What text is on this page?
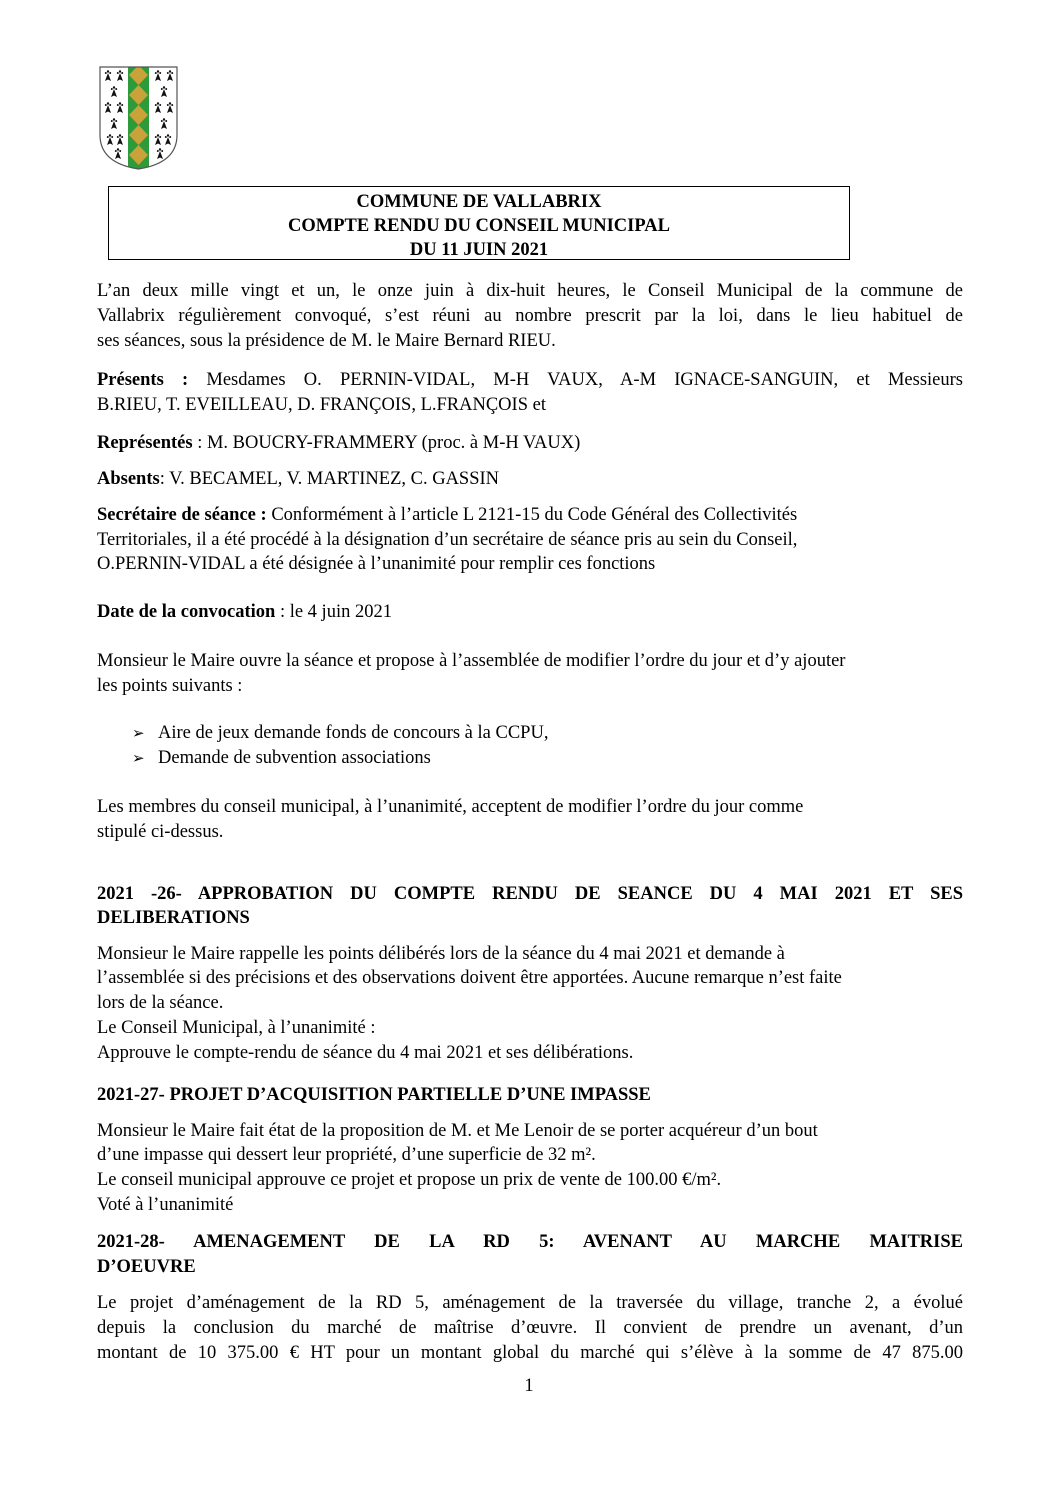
COMMUNE DE VALLABRIX
COMPTE RENDU DU CONSEIL MUNICIPAL
DU 11 JUIN 2021

L’an deux mille vingt et un, le onze juin à dix-huit heures, le Conseil Municipal de la commune de

Vallabrix régulièrement convoqué, s’est réuni au nombre prescrit par la loi, dans le lieu habituel de

ses séances, sous la présidence de M. le Maire Bernard RIEU.

Présents : Mesdames O. PERNIN-VIDAL, M-H VAUX, A-M IGNACE-SANGUIN, et Messieurs

B.RIEU, T. EVEILLEAU, D. FRANÇOIS, L.FRANÇOIS et

Représentés : M. BOUCRY-FRAMMERY (proc. à M-H VAUX)

Absents: V. BECAMEL, V. MARTINEZ, C. GASSIN

Secrétaire de séance : Conformément à l’article L 2121-15 du Code Général des Collectivités

Territoriales, il a été procédé à la désignation d’un secrétaire de séance pris au sein du Conseil,

O.PERNIN-VIDAL a été désignée à l’unanimité pour remplir ces fonctions

Date de la convocation : le 4 juin 2021

Monsieur le Maire ouvre la séance et propose à l’assemblée de modifier l’ordre du jour et d’y ajouter

les points suivants :

➢ Aire de jeux demande fonds de concours à la CCPU,
➢ Demande de subvention associations

Les membres du conseil municipal, à l’unanimité, acceptent de modifier l’ordre du jour comme

stipulé ci-dessus.

2021 -26- APPROBATION DU COMPTE RENDU DE SEANCE DU 4 MAI 2021 ET SES

DELIBERATIONS

Monsieur le Maire rappelle les points délibérés lors de la séance du 4 mai 2021 et demande à

l’assemblée si des précisions et des observations doivent être apportées. Aucune remarque n’est faite

lors de la séance.

Le Conseil Municipal, à l’unanimité :

Approuve le compte-rendu de séance du 4 mai 2021 et ses délibérations.

2021-27- PROJET D’ACQUISITION PARTIELLE D’UNE IMPASSE

Monsieur le Maire fait état de la proposition de M. et Me Lenoir de se porter acquéreur d’un bout

d’une impasse qui dessert leur propriété, d’une superficie de 32 m².

Le conseil municipal approuve ce projet et propose un prix de vente de 100.00 €/m².

Voté à l’unanimité

2021-28- AMENAGEMENT DE LA RD 5: AVENANT AU MARCHE MAITRISE

D’OEUVRE

Le projet d’aménagement de la RD 5, aménagement de la traversée du village, tranche 2, a évolué

depuis la conclusion du marché de maîtrise d’œuvre. Il convient de prendre un avenant, d’un

montant de 10 375.00 € HT pour un montant global du marché qui s’élève à la somme de 47 875.00

1
